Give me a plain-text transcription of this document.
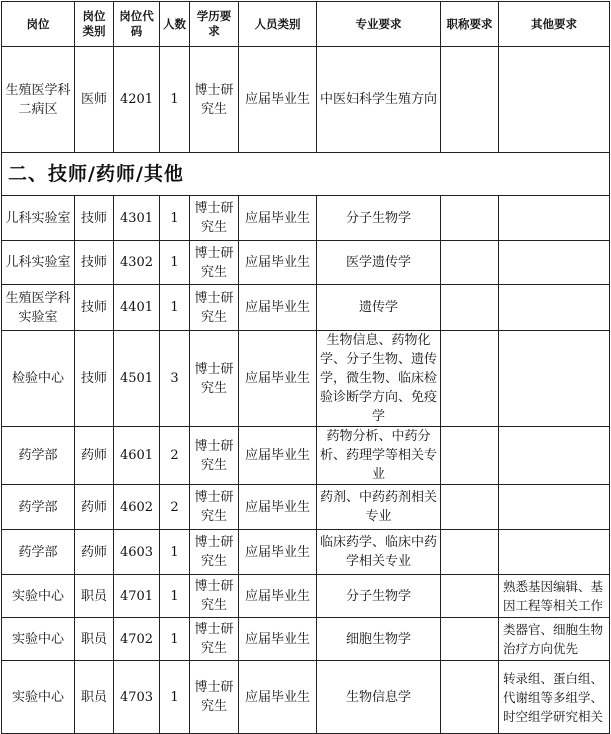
岗位	岗位类别	岗位代码	人数	学历要求	人员类别	专业要求	职称要求	其他要求
生殖医学科二病区	医师	4201	1	博士研究生	应届毕业生	中医妇科学生殖方向		
二、技师/药师/其他								
儿科实验室	技师	4301	1	博士研究生	应届毕业生	分子生物学		
儿科实验室	技师	4302	1	博士研究生	应届毕业生	医学遗传学		
生殖医学科实验室	技师	4401	1	博士研究生	应届毕业生	遗传学		
检验中心	技师	4501	3	博士研究生	应届毕业生	生物信息、药物化学、分子生物、遗传学，微生物、临床检验诊断学方向、免疫学		
药学部	药师	4601	2	博士研究生	应届毕业生	药物分析、中药分析、药理学等相关专业		
药学部	药师	4602	2	博士研究生	应届毕业生	药剂、中药药剂相关专业		
药学部	药师	4603	1	博士研究生	应届毕业生	临床药学、临床中药学相关专业		
实验中心	职员	4701	1	博士研究生	应届毕业生	分子生物学		熟悉基因编辑、基因工程等相关工作
实验中心	职员	4702	1	博士研究生	应届毕业生	细胞生物学		类器官、细胞生物治疗方向优先
实验中心	职员	4703	1	博士研究生	应届毕业生	生物信息学		转录组、蛋白组、代谢组等多组学、时空组学研究相关
